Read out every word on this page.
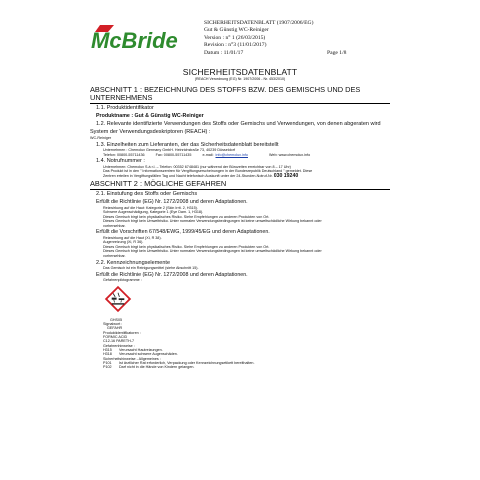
McBride
SICHERHEITSDATENBLATT (1907/2006/EG)
Gut & Günstig WC-Reiniger
Version : n° 1 (26/03/2015)
Revision : n°3 (11/01/2017)
Datum : 11/01/17	Page 1/8
SICHERHEITSDATENBLATT
(REACH Verordnung (EG) Nr. 1907/2006 - Nr. 453/2010)
ABSCHNITT 1 : BEZEICHNUNG DES STOFFS BZW. DES GEMISCHS UND DES UNTERNEHMENS
1.1. Produktidentifikator
Produktname : Gut & Günstig WC-Reiniger
1.2. Relevante identifizierte Verwendungen des Stoffs oder Gemischs und Verwendungen, von denen abgeraten wird
System der Verwendungsdeskriptoren (REACH) :
WC-Reiniger
1.3. Einzelheiten zum Lieferanten, der das Sicherheitsdatenblatt bereitstellt
Unternehmen : Chemolux Germany GmbH. Heinrichstraße 73, 40239 Düsseldorf
Telefon: 00800-55711436	Fax: 00800-55711435	e-mail: info@chemolux.info	Web: www.chemolux.info
1.4. Notrufnummer :
Unternehmen: Chemolux S.à r.l. – Telefon: 00352 6748481 (nur während der Bürozeiten erreichbar von 8 – 17 Uhr)
Das Produkt ist in den " Informationszentren für Vergiftungserscheinungen in der Bundesrepublik Deutschland " gemeldet. Diese
Zentren erteilen in Vergiftungsfällen Tag und Nacht telefonisch Auskunft unter der 24-Stunden-Notruf-Nr. 030 19240
ABSCHNITT 2 : MÖGLICHE GEFAHREN
2.1. Einstufung des Stoffs oder Gemischs
Erfüllt die Richtlinie (EG) Nr. 1272/2008 und deren Adaptationen.
Reizwirkung auf die Haut: Kategorie 2 (Skin Irrit. 2, H315).
Schwere Augenschädigung, Kategorie 1 (Eye Dam. 1, H318).
Dieses Gemisch birgt kein physikalisches Risiko. Siehe Empfehlungen zu anderen Produkten von Ort.
Dieses Gemisch birgt kein Umweltrisiko. Unter normalen Verwendungsbedingungen ist keine umweltschädliche Wirkung bekannt oder
vorhersehbar.
Erfüllt die Vorschriften 67/548/EWG, 1999/45/EG und deren Adaptationen.
Reizwirkung auf die Haut (Xi, R 38).
Augenreizung (Xi, R 36).
Dieses Gemisch birgt kein physikalisches Risiko. Siehe Empfehlungen zu anderen Produkten von Ort.
Dieses Gemisch birgt kein Umweltrisiko. Unter normalen Verwendungsbedingungen ist keine umweltschädliche Wirkung bekannt oder
vorhersehbar.
2.2. Kennzeichnungselemente
Das Gemisch ist ein Reinigungsmittel (siehe Abschnitt 15).
Erfüllt die Richtlinie (EG) Nr. 1272/2008 und deren Adaptationen.
Gefahrenpiktogramme :
GHS05
Signalwort :
GEFAHR
Produktidentifikatoren :
FORMIC ACID
C12-16 PARETH-7
Gefahrenhinweise :
H315 Verursacht Hautreizungen.
H318 Verursacht schwere Augenschäden.
Sicherheitshinweise - Allgemeines :
P101 Ist ärztlicher Rat erforderlich, Verpackung oder Kennzeichnungsetikett bereithalten.
P102 Darf nicht in die Hände von Kindern gelangen.
